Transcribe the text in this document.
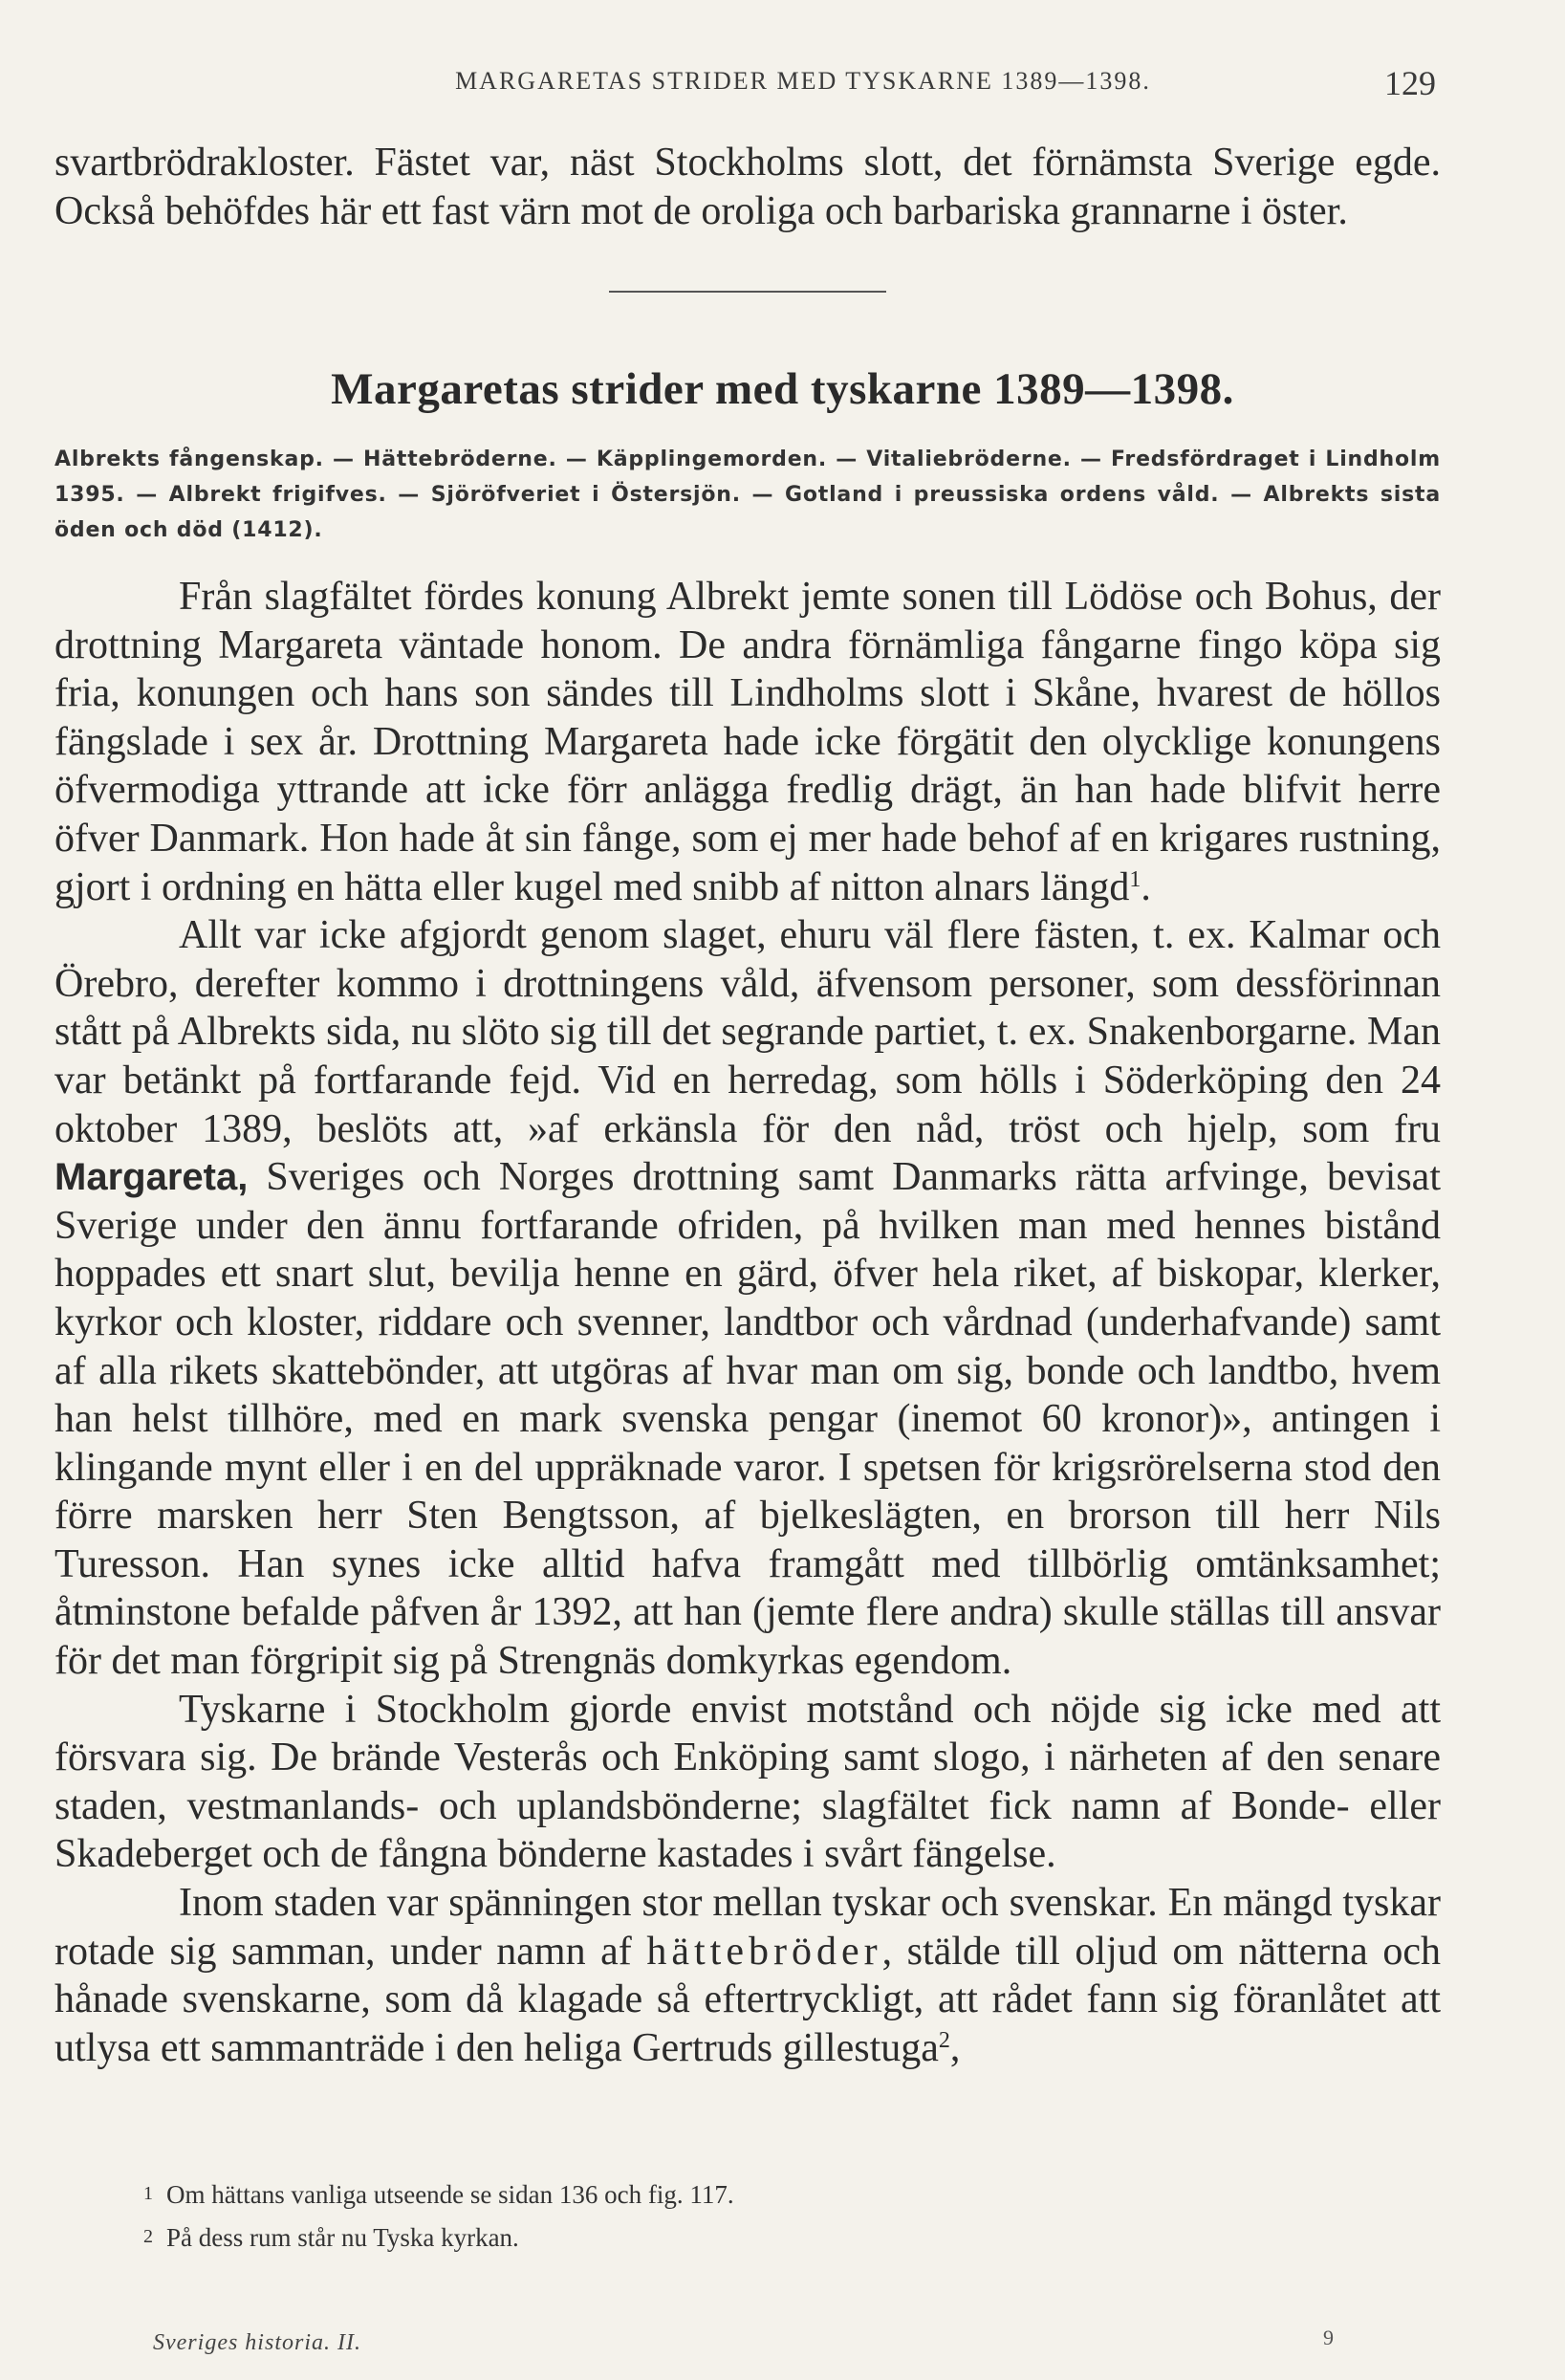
MARGARETAS STRIDER MED TYSKARNE 1389—1398.	129
svartbrödrakloster. Fästet var, näst Stockholms slott, det förnämsta Sverige egde. Också behöfdes här ett fast värn mot de oroliga och barbariska grannarne i öster.
Margaretas strider med tyskarne 1389—1398.
Albrekts fångenskap. — Hättebröderne. — Käpplingemorden. — Vitaliebröderne. — Fredsfördraget i Lindholm 1395. — Albrekt frigifves. — Sjöröfveriet i Östersjön. — Gotland i preussiska ordens våld. — Albrekts sista öden och död (1412).

Från slagfältet fördes konung Albrekt jemte sonen till Lödöse och Bohus, der drottning Margareta väntade honom. De andra förnämliga fångarne fingo köpa sig fria, konungen och hans son sändes till Lindholms slott i Skåne, hvarest de höllos fängslade i sex år. Drottning Margareta hade icke förgätit den olycklige konungens öfvermodiga yttrande att icke förr anlägga fredlig drägt, än han hade blifvit herre öfver Danmark. Hon hade åt sin fånge, som ej mer hade behof af en krigares rustning, gjort i ordning en hätta eller kugel med snibb af nitton alnars längd$^1$.

Allt var icke afgjordt genom slaget, ehuru väl flere fästen, t. ex. Kalmar och Örebro, derefter kommo i drottningens våld, äfvensom personer, som dessförinnan stått på Albrekts sida, nu slöto sig till det segrande partiet, t. ex. Snakenborgarne. Man var betänkt på fortfarande fejd. Vid en herredag, som hölls i Söderköping den 24 oktober 1389, beslöts att, »af erkänsla för den nåd, tröst och hjelp, som fru Margareta, Sveriges och Norges drottning samt Danmarks rätta arfvinge, bevisat Sverige under den ännu fortfarande ofriden, på hvilken man med hennes bistånd hoppades ett snart slut, bevilja henne en gärd, öfver hela riket, af biskopar, klerker, kyrkor och kloster, riddare och svenner, landtbor och vårdnad (underhafvande) samt af alla rikets skattebönder, att utgöras af hvar man om sig, bonde och landtbo, hvem han helst tillhöre, med en mark svenska pengar (inemot 60 kronor)», antingen i klingande mynt eller i en del uppräknade varor. I spetsen för krigsrörelserna stod den förre marsken herr Sten Bengtsson, af bjelkeslägten, en brorson till herr Nils Turesson. Han synes icke alltid hafva framgått med tillbörlig omtänksamhet; åtminstone befalde påfven år 1392, att han (jemte flere andra) skulle ställas till ansvar för det man förgripit sig på Strengnäs domkyrkas egendom.

Tyskarne i Stockholm gjorde envist motstånd och nöjde sig icke med att försvara sig. De brände Vesterås och Enköping samt slogo, i närheten af den senare staden, vestmanlands- och uplandsbönderne; slagfältet fick namn af Bonde- eller Skadeberget och de fångna bönderne kastades i svårt fängelse.

Inom staden var spänningen stor mellan tyskar och svenskar. En mängd tyskar rotade sig samman, under namn af hättebröder, stälde till oljud om nätterna och hånade svenskarne, som då klagade så eftertryckligt, att rådet fann sig föranlåtet att utlysa ett sammanträde i den heliga Gertruds gillestuga$^2$,

1 Om hättans vanliga utseende se sidan 136 och fig. 117.
2 På dess rum står nu Tyska kyrkan.
Sveriges historia. II.	9
